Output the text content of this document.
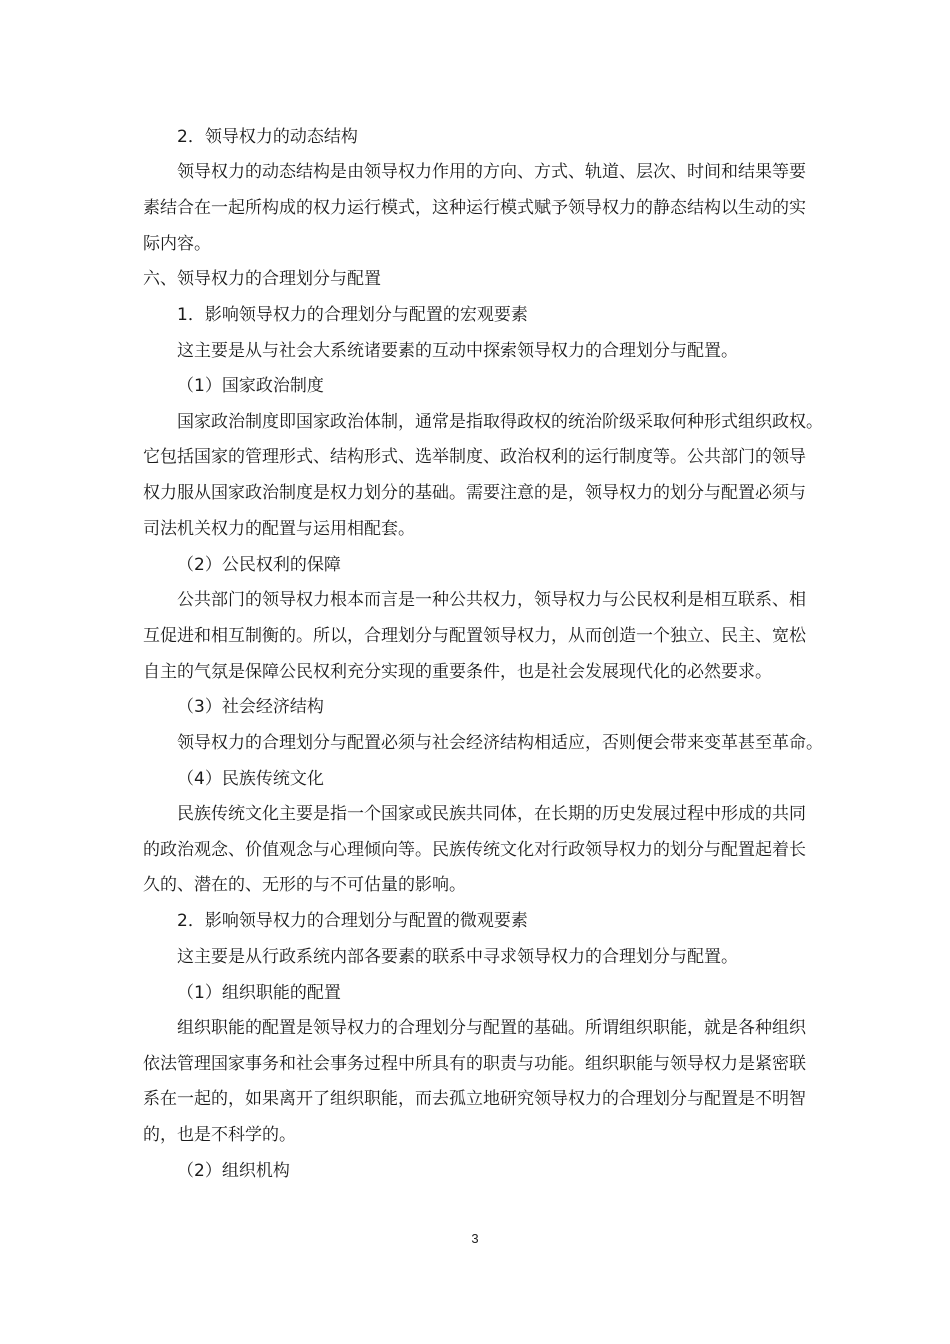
2．领导权力的动态结构
领导权力的动态结构是由领导权力作用的方向、方式、轨道、层次、时间和结果等要
素结合在一起所构成的权力运行模式，这种运行模式赋予领导权力的静态结构以生动的实
际内容。
六、领导权力的合理划分与配置
1．影响领导权力的合理划分与配置的宏观要素
这主要是从与社会大系统诸要素的互动中探索领导权力的合理划分与配置。
（1）国家政治制度
国家政治制度即国家政治体制，通常是指取得政权的统治阶级采取何种形式组织政权。
它包括国家的管理形式、结构形式、选举制度、政治权利的运行制度等。公共部门的领导
权力服从国家政治制度是权力划分的基础。需要注意的是，领导权力的划分与配置必须与
司法机关权力的配置与运用相配套。
（2）公民权利的保障
公共部门的领导权力根本而言是一种公共权力，领导权力与公民权利是相互联系、相
互促进和相互制衡的。所以，合理划分与配置领导权力，从而创造一个独立、民主、宽松
自主的气氛是保障公民权利充分实现的重要条件，也是社会发展现代化的必然要求。
（3）社会经济结构
领导权力的合理划分与配置必须与社会经济结构相适应，否则便会带来变革甚至革命。
（4）民族传统文化
民族传统文化主要是指一个国家或民族共同体，在长期的历史发展过程中形成的共同
的政治观念、价值观念与心理倾向等。民族传统文化对行政领导权力的划分与配置起着长
久的、潜在的、无形的与不可估量的影响。
2．影响领导权力的合理划分与配置的微观要素
这主要是从行政系统内部各要素的联系中寻求领导权力的合理划分与配置。
（1）组织职能的配置
组织职能的配置是领导权力的合理划分与配置的基础。所谓组织职能，就是各种组织
依法管理国家事务和社会事务过程中所具有的职责与功能。组织职能与领导权力是紧密联
系在一起的，如果离开了组织职能，而去孤立地研究领导权力的合理划分与配置是不明智
的，也是不科学的。
（2）组织机构
3
